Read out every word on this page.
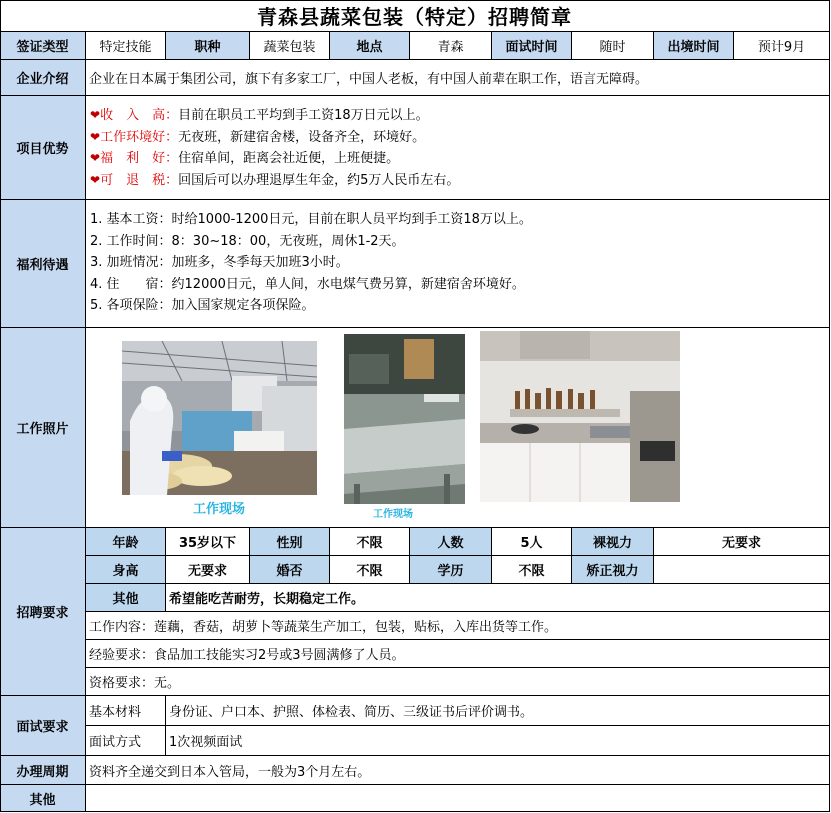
青森县蔬菜包装（特定）招聘简章
签证类型	特定技能	职种	蔬菜包装	地点	青森	面试时间	随时	出境时间	预计9月
企业介绍	企业在日本属于集团公司，旗下有多家工厂，中国人老板，有中国人前辈在职工作，语言无障碍。
项目优势
❤收　入　高：目前在职员工平均到手工资18万日元以上。
❤工作环境好：无夜班，新建宿舍楼，设备齐全，环境好。
❤福　利　好：住宿单间，距离会社近便，上班便捷。
❤可　退　税：回国后可以办理退厚生年金，约5万人民币左右。
福利待遇
1. 基本工资：时给1000-1200日元，目前在职人员平均到手工资18万以上。
2. 工作时间：8：30~18：00，无夜班，周休1-2天。
3. 加班情况：加班多，冬季每天加班3小时。
4. 住　　宿：约12000日元，单人间，水电煤气费另算，新建宿舍环境好。
5. 各项保险：加入国家规定各项保险。
工作照片
工作现场	工作现场
招聘要求
年龄	35岁以下	性别	不限	人数	5人	裸视力	无要求
身高	无要求	婚否	不限	学历	不限	矫正视力
其他	希望能吃苦耐劳，长期稳定工作。
工作内容：莲藕，香菇，胡萝卜等蔬菜生产加工，包装，贴标，入库出货等工作。
经验要求：食品加工技能实习2号或3号圆满修了人员。
资格要求：无。
面试要求
基本材料	身份证、户口本、护照、体检表、简历、三级证书后评价调书。
面试方式	1次视频面试
办理周期	资料齐全递交到日本入管局，一般为3个月左右。
其他
